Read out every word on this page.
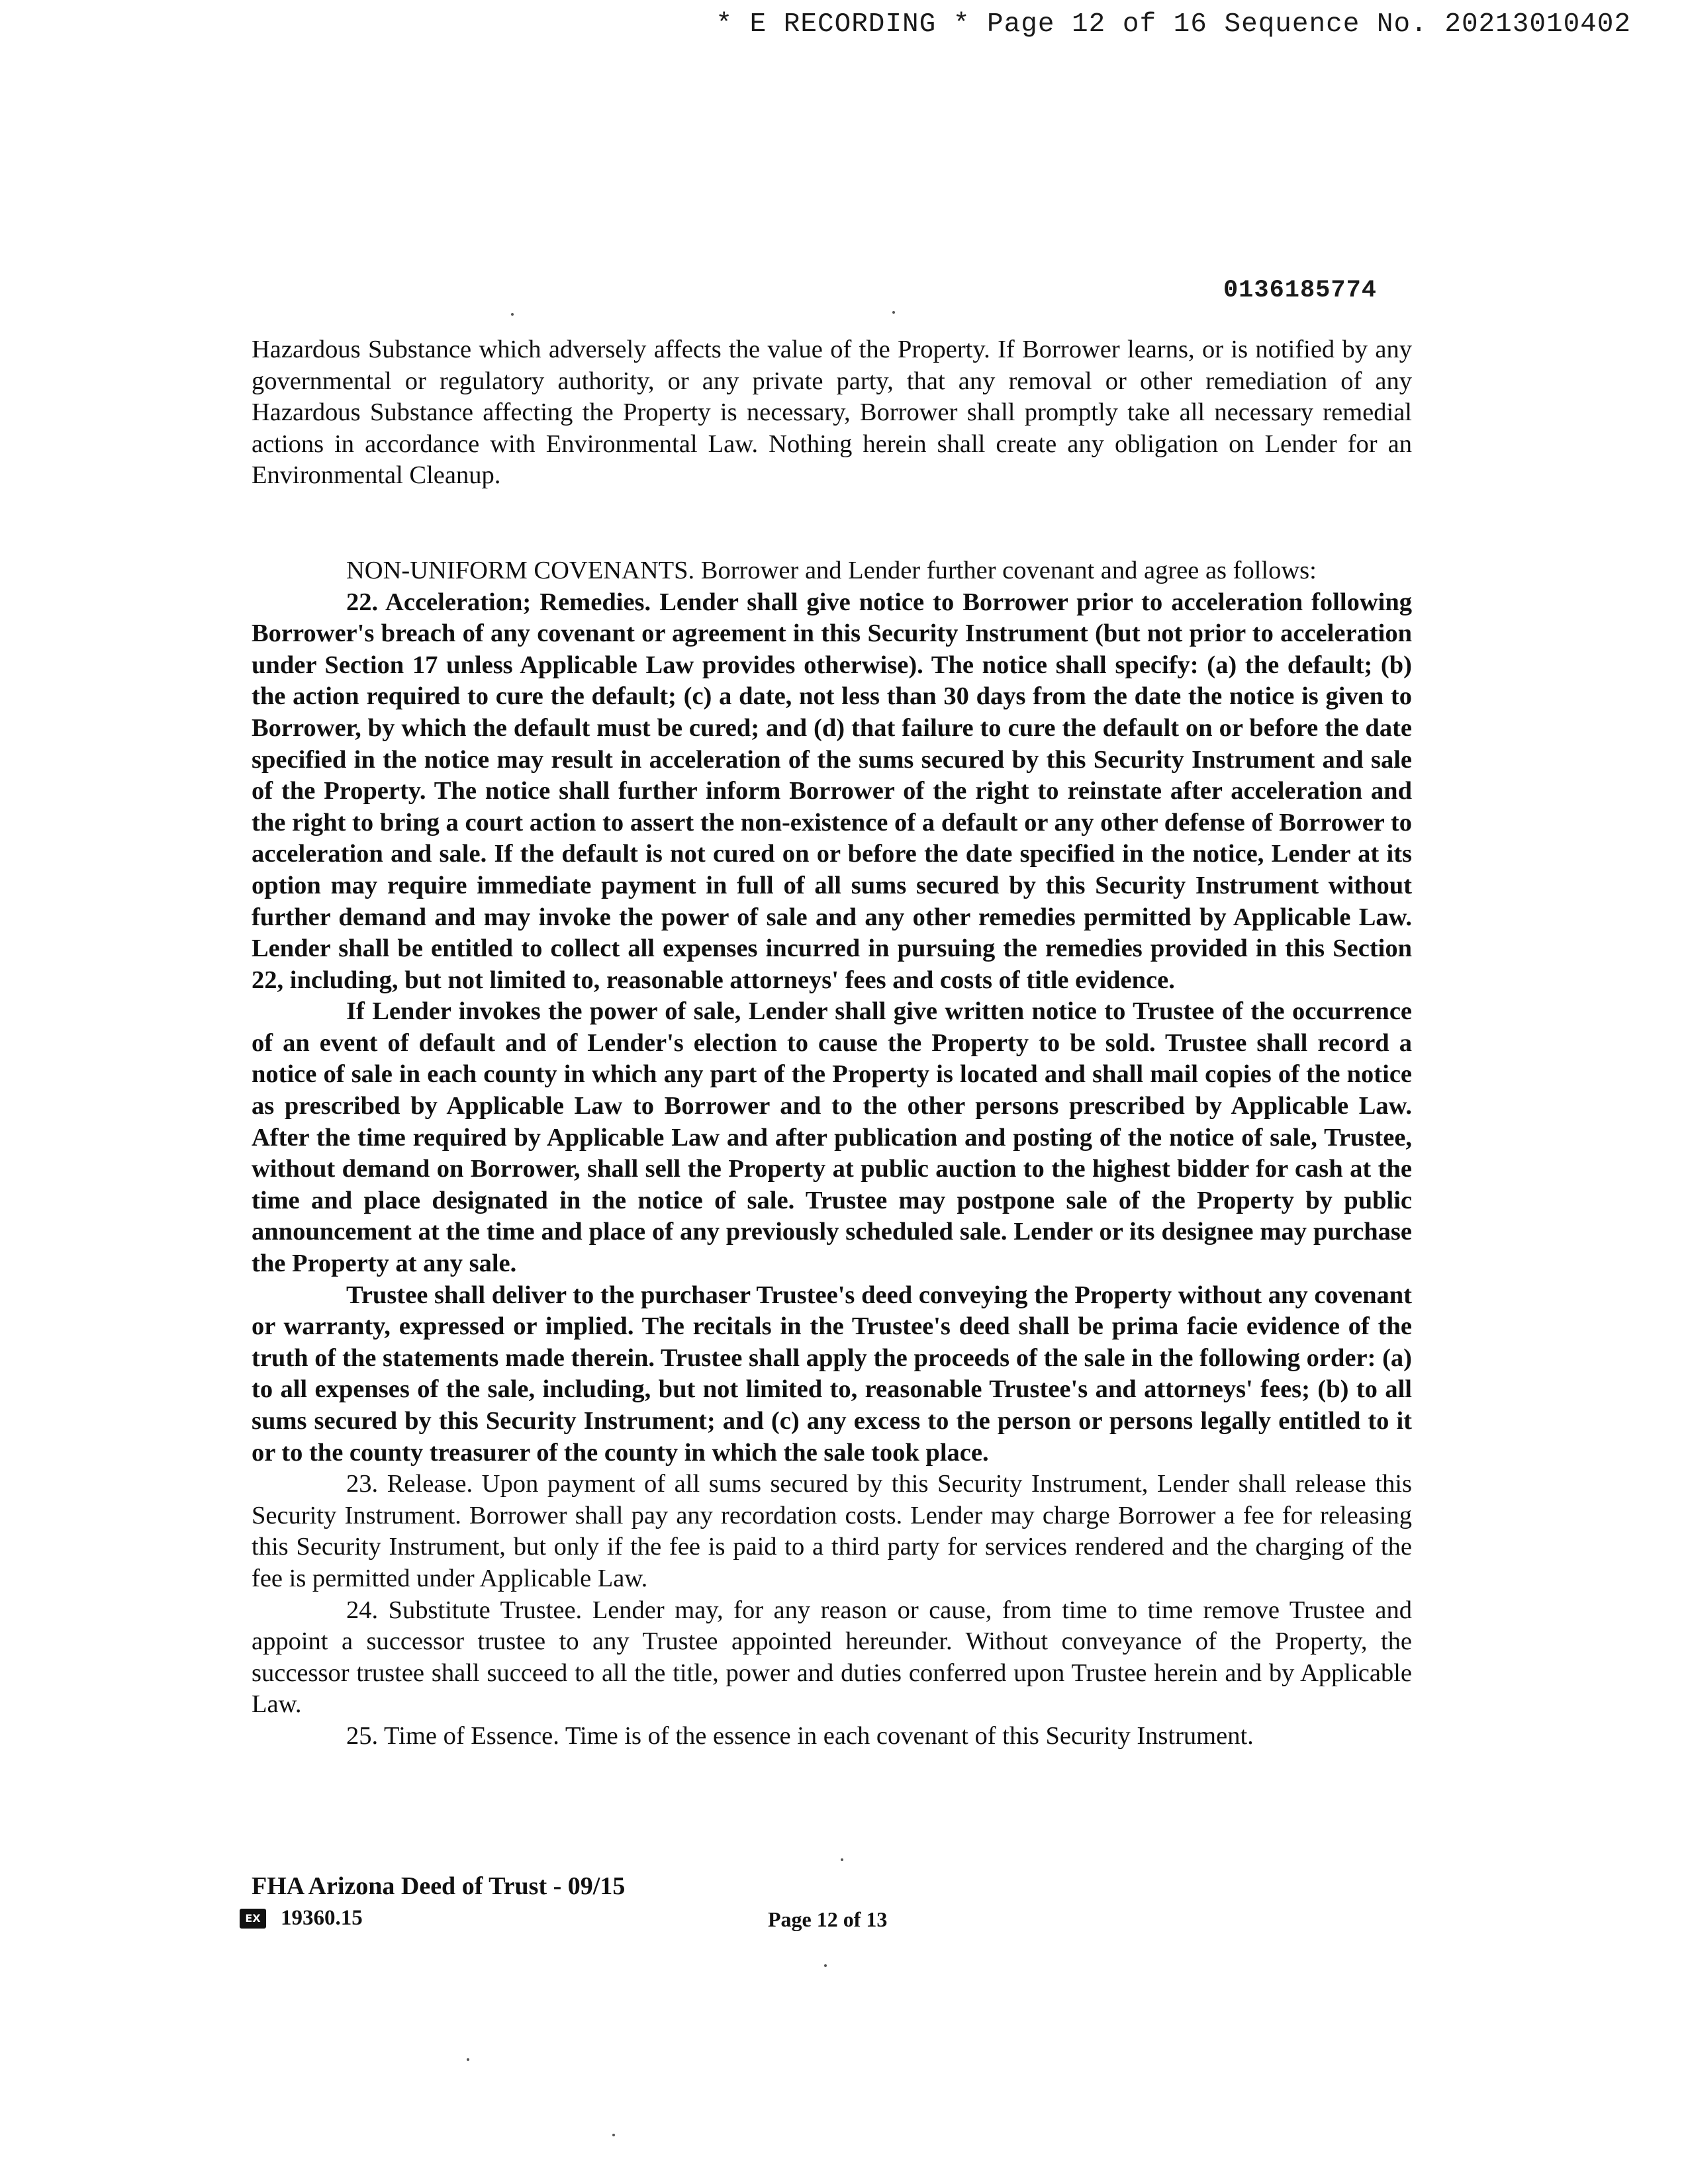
* E RECORDING * Page 12 of 16 Sequence No. 20213010402
0136185774

Hazardous Substance which adversely affects the value of the Property. If Borrower learns, or is notified by any governmental or regulatory authority, or any private party, that any removal or other remediation of any Hazardous Substance affecting the Property is necessary, Borrower shall promptly take all necessary remedial actions in accordance with Environmental Law. Nothing herein shall create any obligation on Lender for an Environmental Cleanup.

NON-UNIFORM COVENANTS. Borrower and Lender further covenant and agree as follows:

22. Acceleration; Remedies. Lender shall give notice to Borrower prior to acceleration following Borrower's breach of any covenant or agreement in this Security Instrument (but not prior to acceleration under Section 17 unless Applicable Law provides otherwise). The notice shall specify: (a) the default; (b) the action required to cure the default; (c) a date, not less than 30 days from the date the notice is given to Borrower, by which the default must be cured; and (d) that failure to cure the default on or before the date specified in the notice may result in acceleration of the sums secured by this Security Instrument and sale of the Property. The notice shall further inform Borrower of the right to reinstate after acceleration and the right to bring a court action to assert the non-existence of a default or any other defense of Borrower to acceleration and sale. If the default is not cured on or before the date specified in the notice, Lender at its option may require immediate payment in full of all sums secured by this Security Instrument without further demand and may invoke the power of sale and any other remedies permitted by Applicable Law. Lender shall be entitled to collect all expenses incurred in pursuing the remedies provided in this Section 22, including, but not limited to, reasonable attorneys' fees and costs of title evidence.

If Lender invokes the power of sale, Lender shall give written notice to Trustee of the occurrence of an event of default and of Lender's election to cause the Property to be sold. Trustee shall record a notice of sale in each county in which any part of the Property is located and shall mail copies of the notice as prescribed by Applicable Law to Borrower and to the other persons prescribed by Applicable Law. After the time required by Applicable Law and after publication and posting of the notice of sale, Trustee, without demand on Borrower, shall sell the Property at public auction to the highest bidder for cash at the time and place designated in the notice of sale. Trustee may postpone sale of the Property by public announcement at the time and place of any previously scheduled sale. Lender or its designee may purchase the Property at any sale.

Trustee shall deliver to the purchaser Trustee's deed conveying the Property without any covenant or warranty, expressed or implied. The recitals in the Trustee's deed shall be prima facie evidence of the truth of the statements made therein. Trustee shall apply the proceeds of the sale in the following order: (a) to all expenses of the sale, including, but not limited to, reasonable Trustee's and attorneys' fees; (b) to all sums secured by this Security Instrument; and (c) any excess to the person or persons legally entitled to it or to the county treasurer of the county in which the sale took place.

23. Release. Upon payment of all sums secured by this Security Instrument, Lender shall release this Security Instrument. Borrower shall pay any recordation costs. Lender may charge Borrower a fee for releasing this Security Instrument, but only if the fee is paid to a third party for services rendered and the charging of the fee is permitted under Applicable Law.

24. Substitute Trustee. Lender may, for any reason or cause, from time to time remove Trustee and appoint a successor trustee to any Trustee appointed hereunder. Without conveyance of the Property, the successor trustee shall succeed to all the title, power and duties conferred upon Trustee herein and by Applicable Law.

25. Time of Essence. Time is of the essence in each covenant of this Security Instrument.

FHA Arizona Deed of Trust - 09/15
EX 19360.15	Page 12 of 13
